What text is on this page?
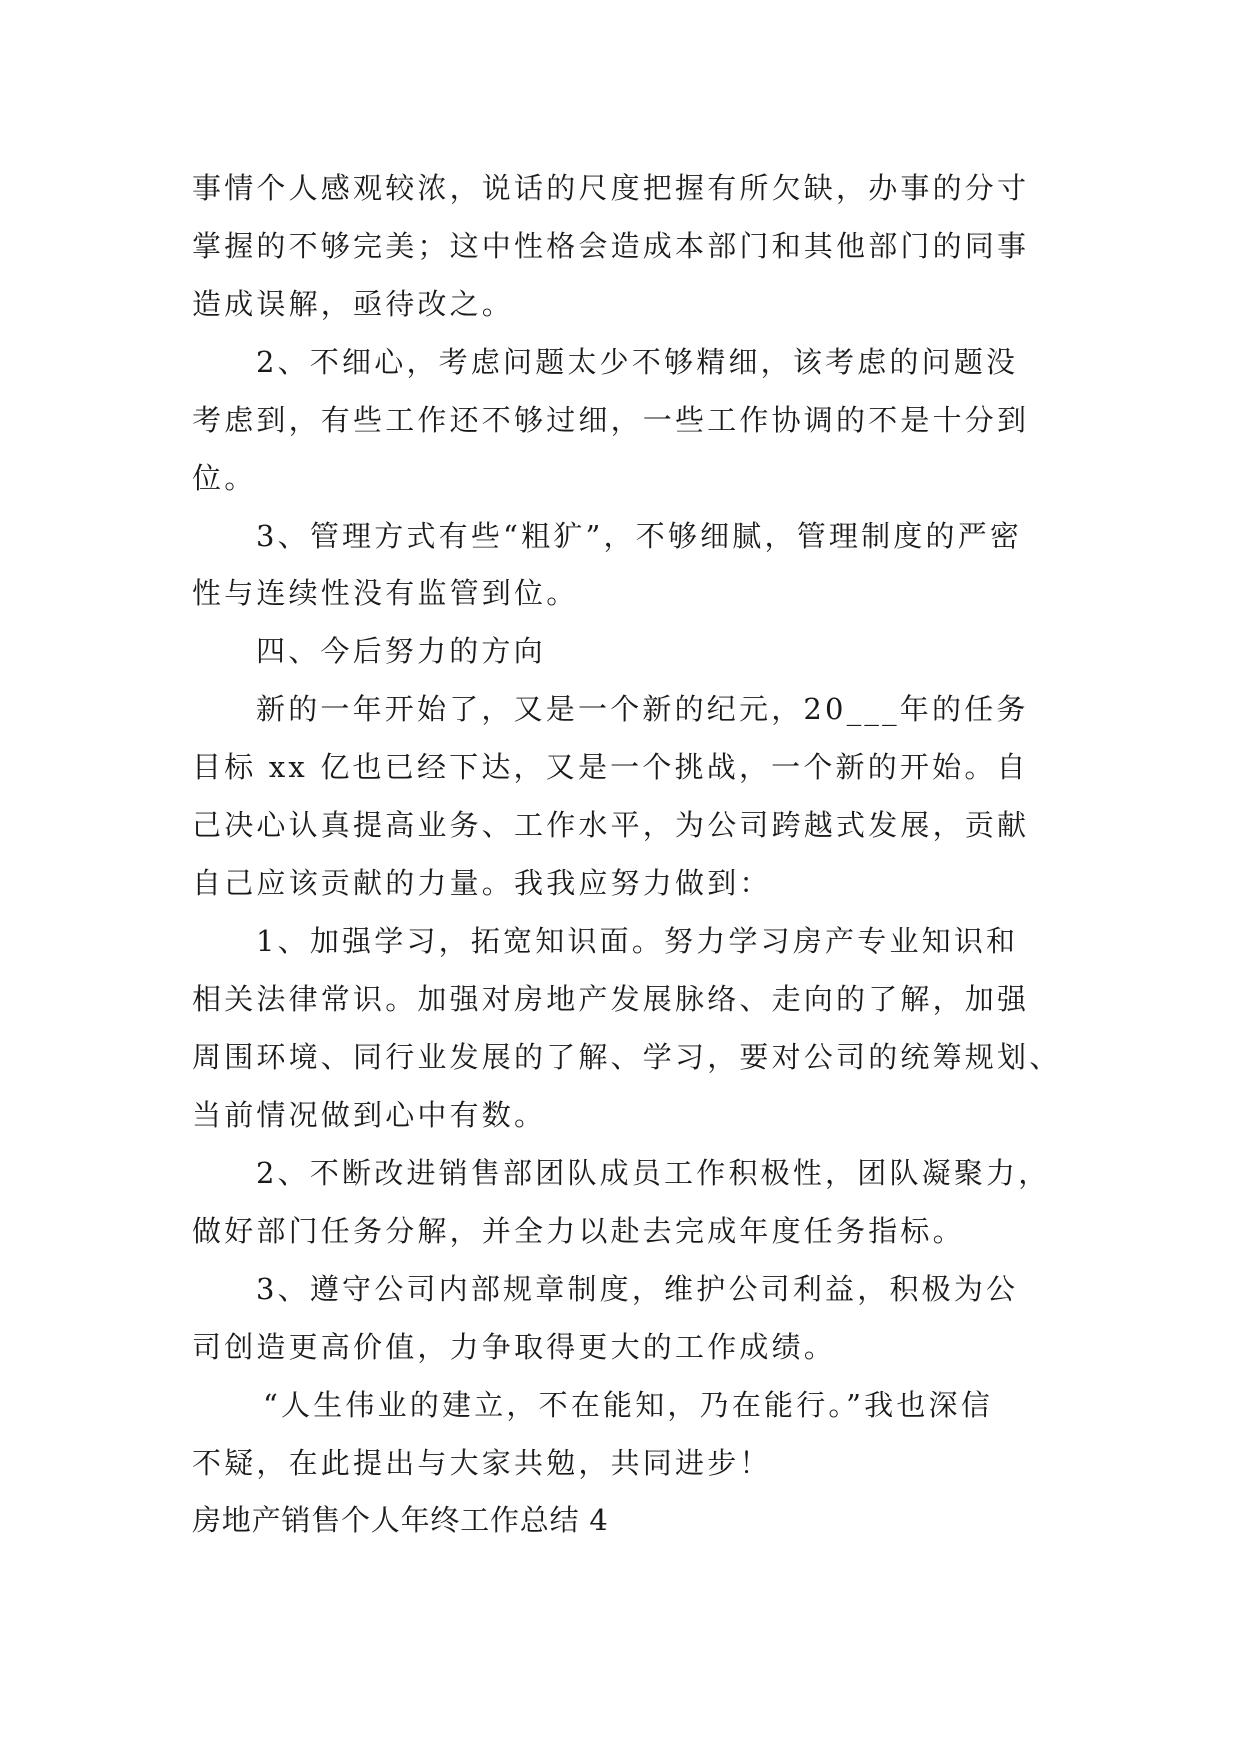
事情个人感观较浓，说话的尺度把握有所欠缺，办事的分寸
掌握的不够完美；这中性格会造成本部门和其他部门的同事
造成误解，亟待改之。
2、不细心，考虑问题太少不够精细，该考虑的问题没
考虑到，有些工作还不够过细，一些工作协调的不是十分到
位。
3、管理方式有些“粗犷”，不够细腻，管理制度的严密
性与连续性没有监管到位。
四、今后努力的方向
新的一年开始了，又是一个新的纪元，20___年的任务
目标 xx 亿也已经下达，又是一个挑战，一个新的开始。自
己决心认真提高业务、工作水平，为公司跨越式发展，贡献
自己应该贡献的力量。我我应努力做到：
1、加强学习，拓宽知识面。努力学习房产专业知识和
相关法律常识。加强对房地产发展脉络、走向的了解，加强
周围环境、同行业发展的了解、学习，要对公司的统筹规划、
当前情况做到心中有数。
2、不断改进销售部团队成员工作积极性，团队凝聚力，
做好部门任务分解，并全力以赴去完成年度任务指标。
3、遵守公司内部规章制度，维护公司利益，积极为公
司创造更高价值，力争取得更大的工作成绩。
“人生伟业的建立，不在能知，乃在能行。”我也深信
不疑，在此提出与大家共勉，共同进步！
房地产销售个人年终工作总结 4
